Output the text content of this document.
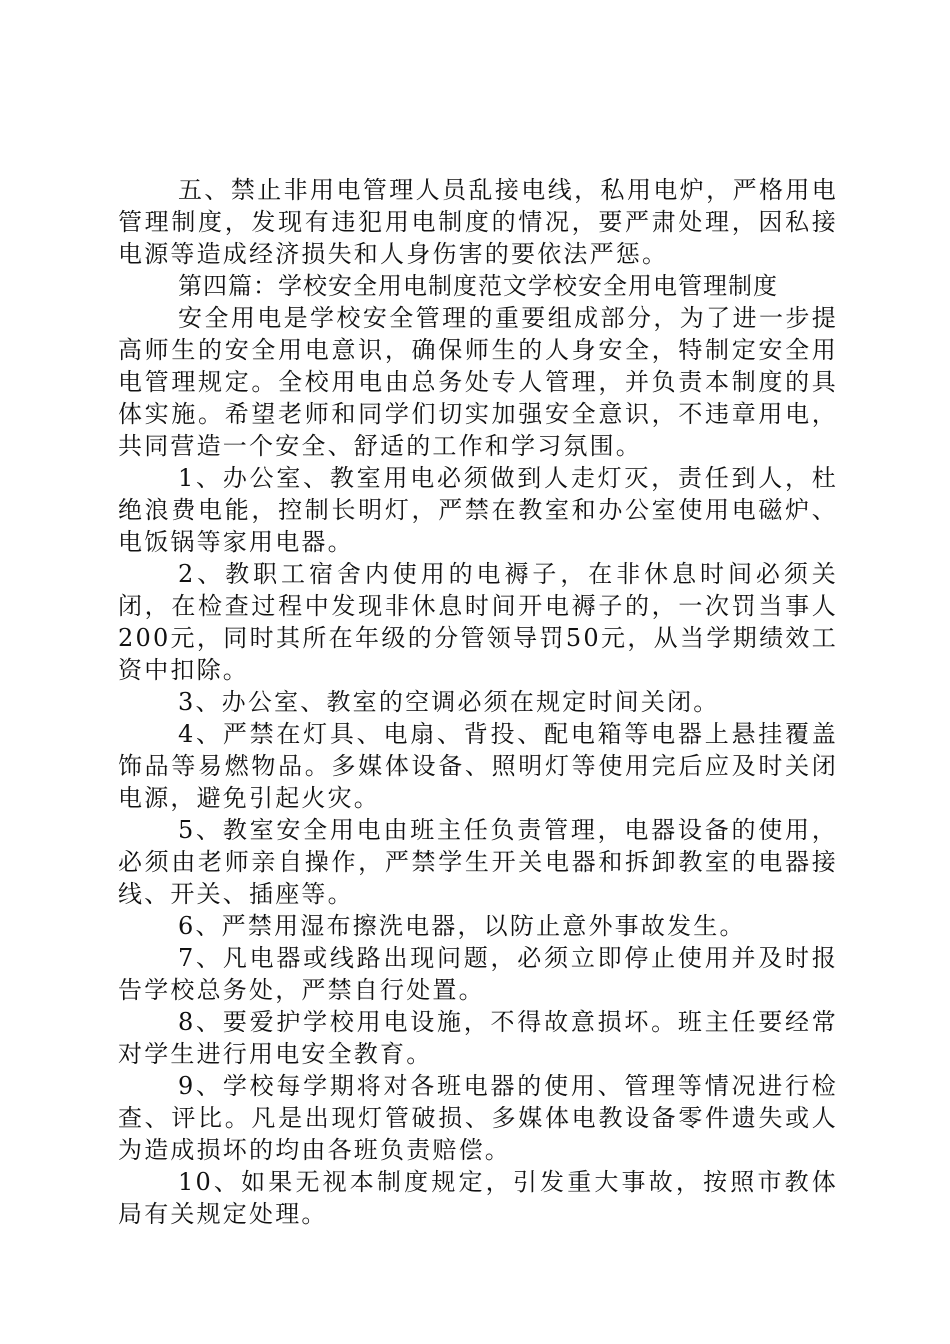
五、禁止非用电管理人员乱接电线，私用电炉，严格用电管理制度，发现有违犯用电制度的情况，要严肃处理，因私接电源等造成经济损失和人身伤害的要依法严惩。

第四篇：学校安全用电制度范文学校安全用电管理制度

安全用电是学校安全管理的重要组成部分，为了进一步提高师生的安全用电意识，确保师生的人身安全，特制定安全用电管理规定。全校用电由总务处专人管理，并负责本制度的具体实施。希望老师和同学们切实加强安全意识，不违章用电，共同营造一个安全、舒适的工作和学习氛围。

1、办公室、教室用电必须做到人走灯灭，责任到人，杜绝浪费电能，控制长明灯，严禁在教室和办公室使用电磁炉、电饭锅等家用电器。

2、教职工宿舍内使用的电褥子，在非休息时间必须关闭，在检查过程中发现非休息时间开电褥子的，一次罚当事人200元，同时其所在年级的分管领导罚50元，从当学期绩效工资中扣除。

3、办公室、教室的空调必须在规定时间关闭。

4、严禁在灯具、电扇、背投、配电箱等电器上悬挂覆盖饰品等易燃物品。多媒体设备、照明灯等使用完后应及时关闭电源，避免引起火灾。

5、教室安全用电由班主任负责管理，电器设备的使用，必须由老师亲自操作，严禁学生开关电器和拆卸教室的电器接线、开关、插座等。

6、严禁用湿布擦洗电器，以防止意外事故发生。

7、凡电器或线路出现问题，必须立即停止使用并及时报告学校总务处，严禁自行处置。

8、要爱护学校用电设施，不得故意损坏。班主任要经常对学生进行用电安全教育。

9、学校每学期将对各班电器的使用、管理等情况进行检查、评比。凡是出现灯管破损、多媒体电教设备零件遗失或人为造成损坏的均由各班负责赔偿。

10、如果无视本制度规定，引发重大事故，按照市教体局有关规定处理。
